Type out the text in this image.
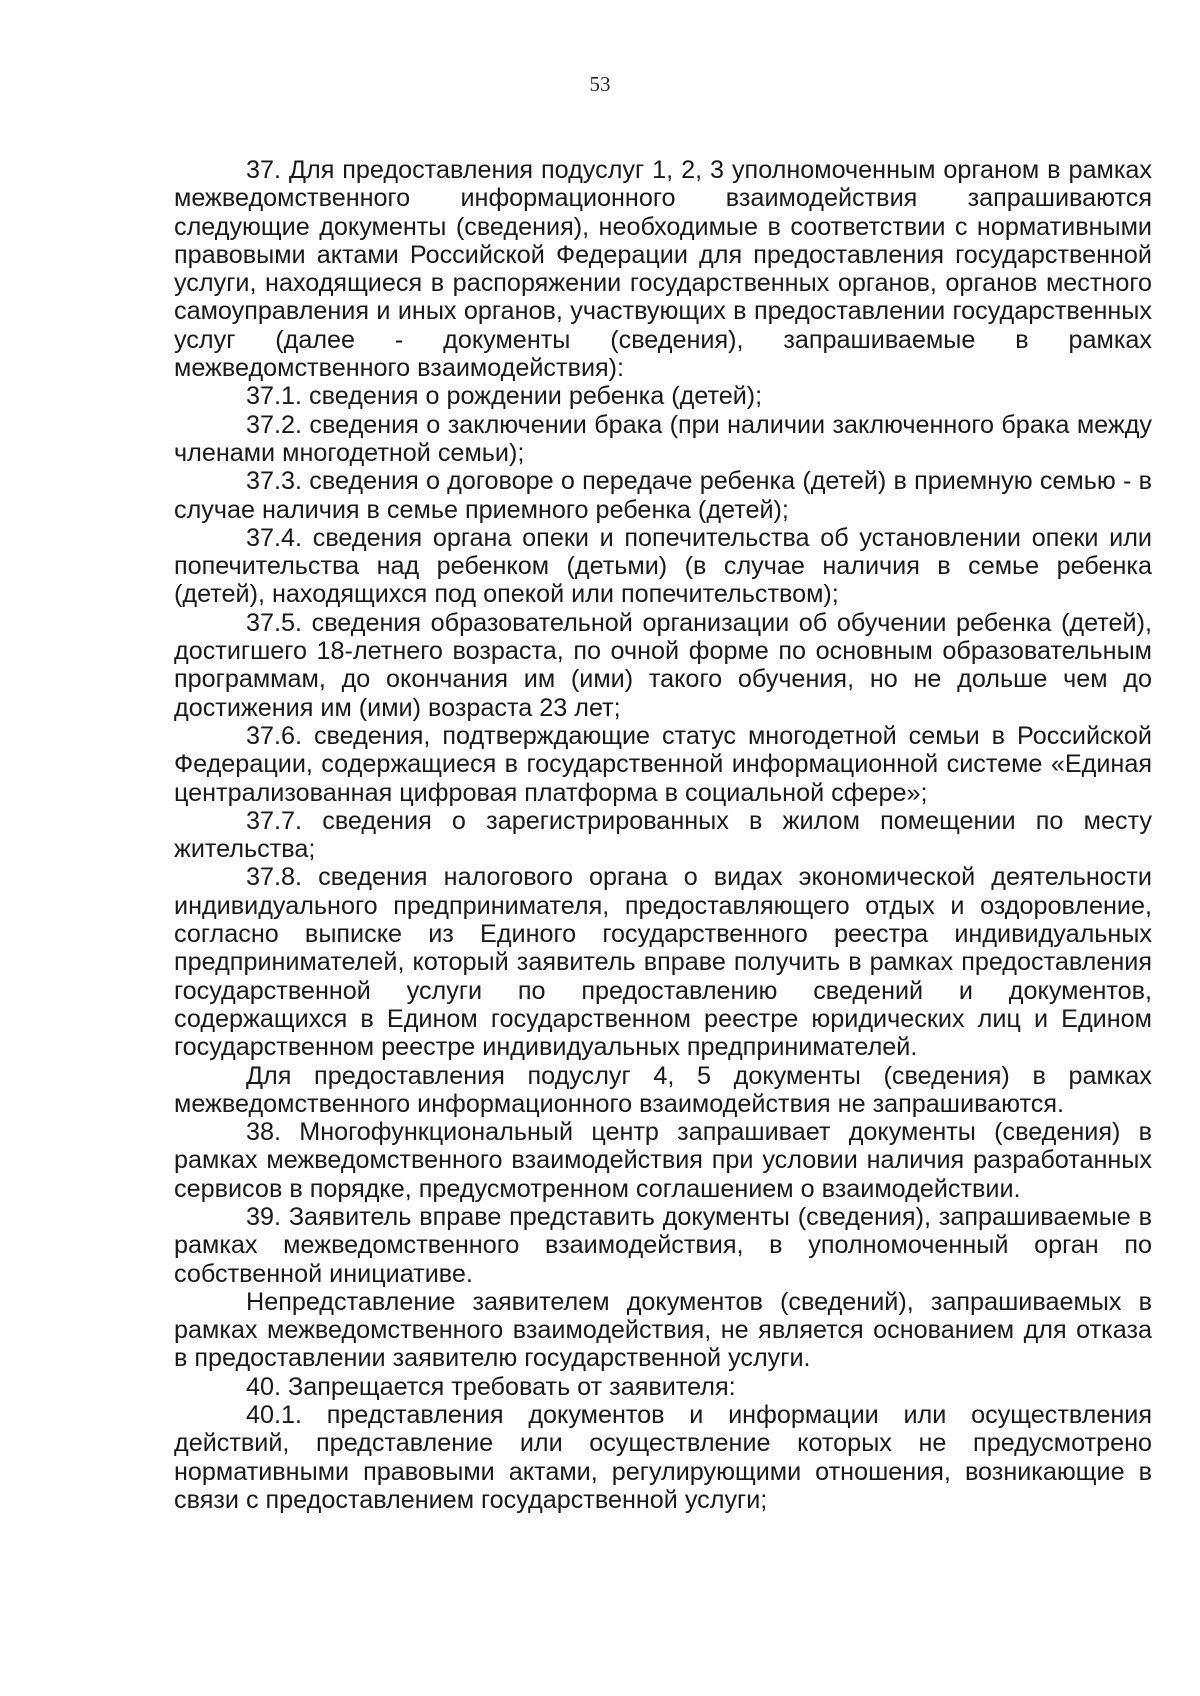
53

37. Для предоставления подуслуг 1, 2, 3 уполномоченным органом в рамках межведомственного информационного взаимодействия запрашиваются следующие документы (сведения), необходимые в соответствии с нормативными правовыми актами Российской Федерации для предоставления государственной услуги, находящиеся в распоряжении государственных органов, органов местного самоуправления и иных органов, участвующих в предоставлении государственных услуг (далее - документы (сведения), запрашиваемые в рамках межведомственного взаимодействия):

37.1. сведения о рождении ребенка (детей);

37.2. сведения о заключении брака (при наличии заключенного брака между членами многодетной семьи);

37.3. сведения о договоре о передаче ребенка (детей) в приемную семью - в случае наличия в семье приемного ребенка (детей);

37.4. сведения органа опеки и попечительства об установлении опеки или попечительства над ребенком (детьми) (в случае наличия в семье ребенка (детей), находящихся под опекой или попечительством);

37.5. сведения образовательной организации об обучении ребенка (детей), достигшего 18-летнего возраста, по очной форме по основным образовательным программам, до окончания им (ими) такого обучения, но не дольше чем до достижения им (ими) возраста 23 лет;

37.6. сведения, подтверждающие статус многодетной семьи в Российской Федерации, содержащиеся в государственной информационной системе «Единая централизованная цифровая платформа в социальной сфере»;

37.7. сведения о зарегистрированных в жилом помещении по месту жительства;

37.8. сведения налогового органа о видах экономической деятельности индивидуального предпринимателя, предоставляющего отдых и оздоровление, согласно выписке из Единого государственного реестра индивидуальных предпринимателей, который заявитель вправе получить в рамках предоставления государственной услуги по предоставлению сведений и документов, содержащихся в Едином государственном реестре юридических лиц и Едином государственном реестре индивидуальных предпринимателей.

Для предоставления подуслуг 4, 5 документы (сведения) в рамках межведомственного информационного взаимодействия не запрашиваются.

38. Многофункциональный центр запрашивает документы (сведения) в рамках межведомственного взаимодействия при условии наличия разработанных сервисов в порядке, предусмотренном соглашением о взаимодействии.

39. Заявитель вправе представить документы (сведения), запрашиваемые в рамках межведомственного взаимодействия, в уполномоченный орган по собственной инициативе.

Непредставление заявителем документов (сведений), запрашиваемых в рамках межведомственного взаимодействия, не является основанием для отказа в предоставлении заявителю государственной услуги.

40. Запрещается требовать от заявителя:

40.1. представления документов и информации или осуществления действий, представление или осуществление которых не предусмотрено нормативными правовыми актами, регулирующими отношения, возникающие в связи с предоставлением государственной услуги;
